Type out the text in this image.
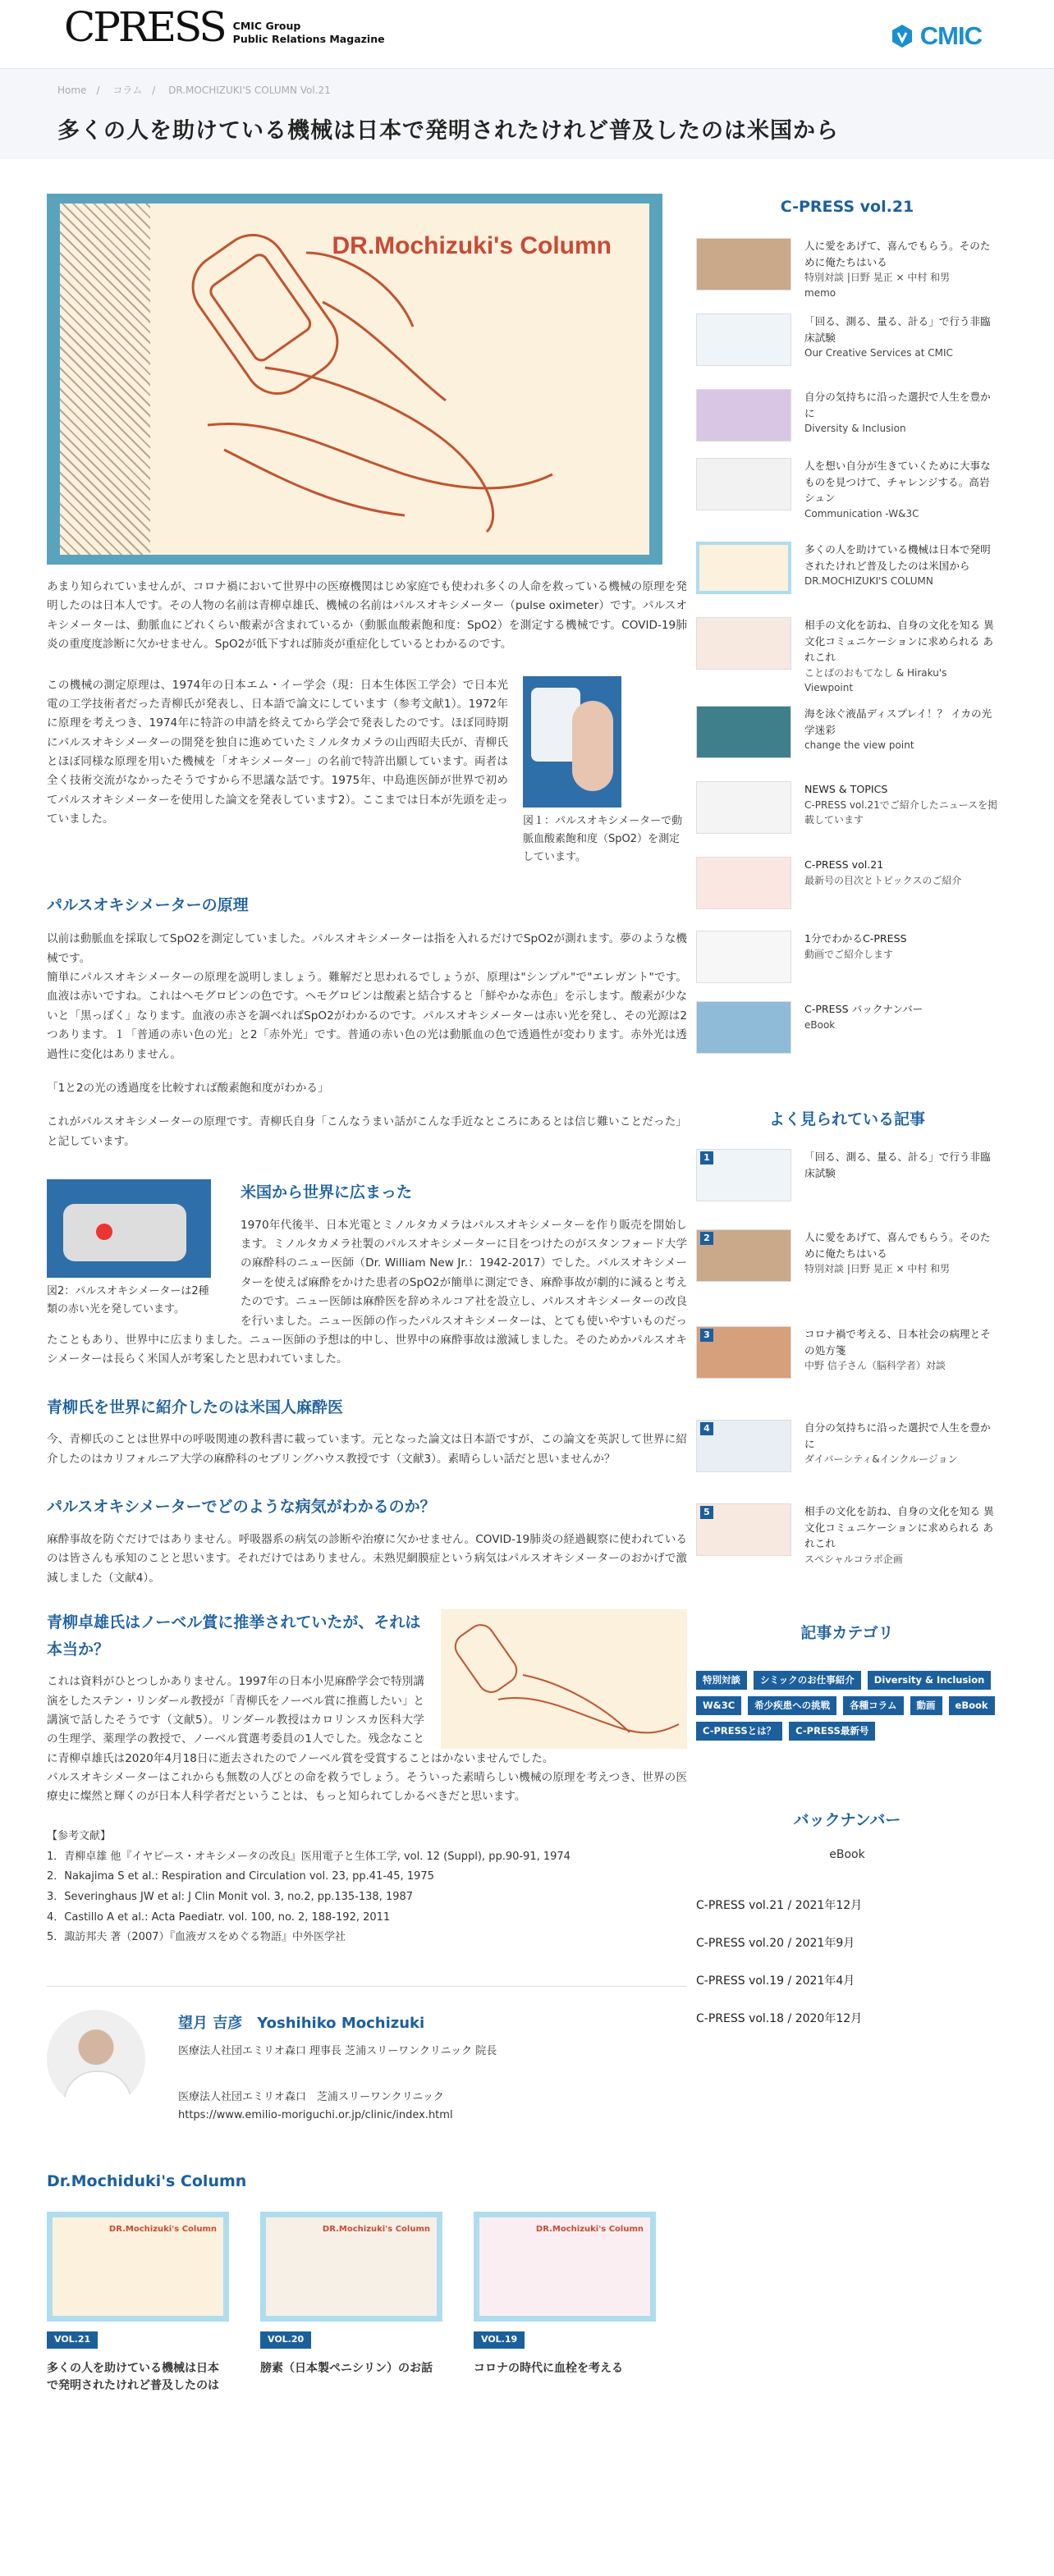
CPRESS CMIC Group
Public Relations Magazine	CMIC
Home / コラム / DR.MOCHIZUKI'S COLUMN Vol.21
多くの人を助けている機械は日本で発明されたけれど普及したのは米国から
DR.Mochizuki's Column

あまり知られていませんが、コロナ禍において世界中の医療機関はじめ家庭でも使われ多くの人命を救っている機械の原理を発明したのは日本人です。その人物の名前は青柳卓雄氏、機械の名前はパルスオキシメーター（pulse oximeter）です。パルスオキシメーターは、動脈血にどれくらい酸素が含まれているか（動脈血酸素飽和度：SpO2）を測定する機械です。COVID-19肺炎の重度度診断に欠かせません。SpO2が低下すれば肺炎が重症化しているとわかるのです。

図１：パルスオキシメーターで動脈血酸素飽和度（SpO2）を測定しています。

この機械の測定原理は、1974年の日本エム・イー学会（現：日本生体医工学会）で日本光電の工学技術者だった青柳氏が発表し、日本語で論文にしています（参考文献1）。1972年に原理を考えつき、1974年に特許の申請を終えてから学会で発表したのです。ほぼ同時期にパルスオキシメーターの開発を独自に進めていたミノルタカメラの山西昭夫氏が、青柳氏とほぼ同様な原理を用いた機械を「オキシメーター」の名前で特許出願しています。両者は全く技術交流がなかったそうですから不思議な話です。1975年、中島進医師が世界で初めてパルスオキシメーターを使用した論文を発表しています2）。ここまでは日本が先頭を走っていました。

パルスオキシメーターの原理

以前は動脈血を採取してSpO2を測定していました。パルスオキシメーターは指を入れるだけでSpO2が測れます。夢のような機械です。

簡単にパルスオキシメーターの原理を説明しましょう。難解だと思われるでしょうが、原理は"シンプル"で"エレガント"です。血液は赤いですね。これはヘモグロビンの色です。ヘモグロビンは酸素と結合すると「鮮やかな赤色」を示します。酸素が少ないと「黒っぽく」なります。血液の赤さを調べればSpO2がわかるのです。パルスオキシメーターは赤い光を発し、その光源は2つあります。１「普通の赤い色の光」と2「赤外光」です。普通の赤い色の光は動脈血の色で透過性が変わります。赤外光は透過性に変化はありません。

「1と2の光の透過度を比較すれば酸素飽和度がわかる」

これがパルスオキシメーターの原理です。青柳氏自身「こんなうまい話がこんな手近なところにあるとは信じ難いことだった」と記しています。

図2：パルスオキシメーターは2種類の赤い光を発しています。
米国から世界に広まった

1970年代後半、日本光電とミノルタカメラはパルスオキシメーターを作り販売を開始します。ミノルタカメラ社製のパルスオキシメーターに目をつけたのがスタンフォード大学の麻酔科のニュー医師（Dr. William New Jr.：1942-2017）でした。パルスオキシメーターを使えば麻酔をかけた患者のSpO2が簡単に測定でき、麻酔事故が劇的に減ると考えたのです。ニュー医師は麻酔医を辞めネルコア社を設立し、パルスオキシメーターの改良を行いました。ニュー医師の作ったパルスオキシメーターは、とても使いやすいものだったこともあり、世界中に広まりました。ニュー医師の予想は的中し、世界中の麻酔事故は激減しました。そのためかパルスオキシメーターは長らく米国人が考案したと思われていました。

青柳氏を世界に紹介したのは米国人麻酔医

今、青柳氏のことは世界中の呼吸関連の教科書に載っています。元となった論文は日本語ですが、この論文を英訳して世界に紹介したのはカリフォルニア大学の麻酔科のセブリングハウス教授です（文献3）。素晴らしい話だと思いませんか？

パルスオキシメーターでどのような病気がわかるのか？

麻酔事故を防ぐだけではありません。呼吸器系の病気の診断や治療に欠かせません。COVID-19肺炎の経過観察に使われているのは皆さんも承知のことと思います。それだけではありません。未熟児網膜症という病気はパルスオキシメーターのおかげで激減しました（文献4）。

青柳卓雄氏はノーベル賞に推挙されていたが、それは本当か？

これは資料がひとつしかありません。1997年の日本小児麻酔学会で特別講演をしたステン・リンダール教授が「青柳氏をノーベル賞に推薦したい」と講演で話したそうです（文献5）。リンダール教授はカロリンスカ医科大学の生理学、薬理学の教授で、ノーベル賞選考委員の1人でした。残念なことに青柳卓雄氏は2020年4月18日に逝去されたのでノーベル賞を受賞することはかないませんでした。

パルスオキシメーターはこれからも無数の人びとの命を救うでしょう。そういった素晴らしい機械の原理を考えつき、世界の医療史に燦然と輝くのが日本人科学者だということは、もっと知られてしかるべきだと思います。

【参考文献】
1．青柳卓雄 他『イヤピース・オキシメータの改良』医用電子と生体工学, vol. 12 (Suppl), pp.90-91, 1974
2．Nakajima S et al.: Respiration and Circulation vol. 23, pp.41-45, 1975
3．Severinghaus JW et al: J Clin Monit vol. 3, no.2, pp.135-138, 1987
4．Castillo A et al.: Acta Paediatr. vol. 100, no. 2, 188-192, 2011
5．諏訪邦夫 著（2007）『血液ガスをめぐる物語』中外医学社
望月 吉彦　Yoshihiko Mochizuki
医療法人社団エミリオ森口 理事長 芝浦スリーワンクリニック 院長
医療法人社団エミリオ森口　芝浦スリーワンクリニック
https://www.emilio-moriguchi.or.jp/clinic/index.html
Dr.Mochiduki's Column
DR.Mochizuki's Column
VOL.21
多くの人を助けている機械は日本で発明されたけれど普及したのは
DR.Mochizuki's Column
VOL.20
膀素（日本製ペニシリン）のお話
DR.Mochizuki's Column
VOL.19
コロナの時代に血栓を考える
C-PRESS vol.21
人に愛をあげて、喜んでもらう。そのために俺たちはいる
特別対談 |日野 晃正 × 中村 和男
memo
「回る、測る、量る、計る」で行う非臨床試験
Our Creative Services at CMIC
自分の気持ちに沿った選択で人生を豊かに
Diversity & Inclusion
人を想い自分が生きていくために大事なものを見つけて、チャレンジする。高岩シュン
Communication -W&3C
多くの人を助けている機械は日本で発明されたけれど普及したのは米国から
DR.MOCHIZUKI'S COLUMN
相手の文化を訪ね、自身の文化を知る 異文化コミュニケーションに求められる あれこれ
ことばのおもてなし & Hiraku's Viewpoint
海を泳ぐ液晶ディスプレイ！？ イカの光学迷彩
change the view point
NEWS & TOPICS
C-PRESS vol.21でご紹介したニュースを掲載しています
C-PRESS vol.21
最新号の目次とトピックスのご紹介
1分でわかるC-PRESS
動画でご紹介します
C-PRESS バックナンバー
eBook
よく見られている記事
1	「回る、測る、量る、計る」で行う非臨床試験
2	人に愛をあげて、喜んでもらう。そのために俺たちはいる
特別対談 |日野 晃正 × 中村 和男
3	コロナ禍で考える、日本社会の病理とその処方箋
中野 信子さん（脳科学者）対談
4	自分の気持ちに沿った選択で人生を豊かに
ダイバーシティ&インクルージョン
5	相手の文化を訪ね、自身の文化を知る 異文化コミュニケーションに求められる あれこれ
スペシャルコラボ企画
記事カテゴリ
特別対談	シミックのお仕事紹介	Diversity & Inclusion
W&3C	希少疾患への挑戦	各種コラム	動画	eBook
C-PRESSとは？	C-PRESS最新号
バックナンバー
eBook
C-PRESS vol.21 / 2021年12月
C-PRESS vol.20 / 2021年9月
C-PRESS vol.19 / 2021年4月
C-PRESS vol.18 / 2020年12月
